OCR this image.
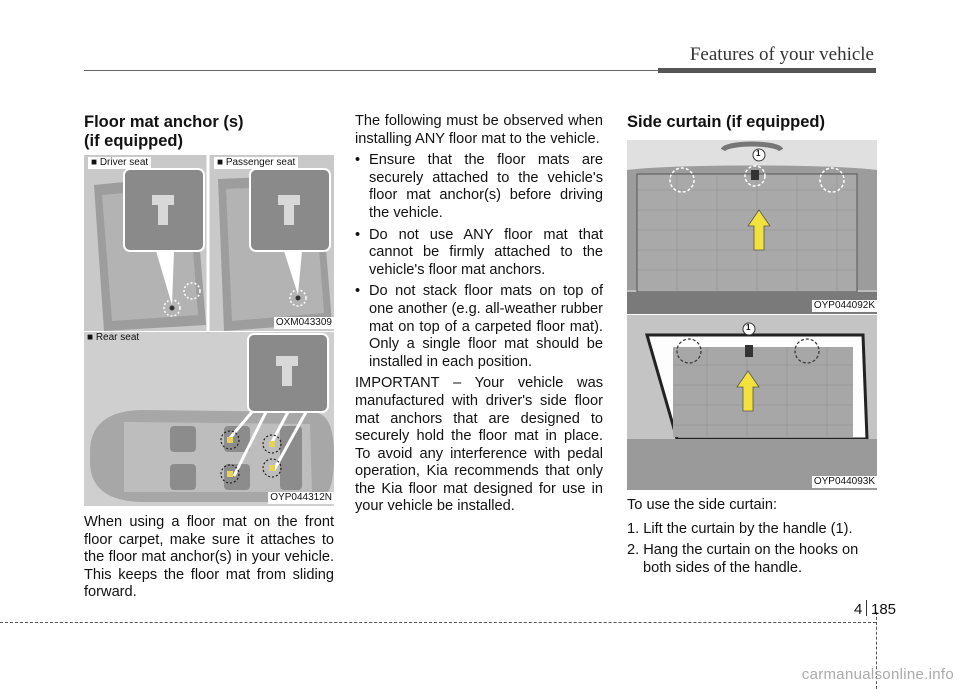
Features of your vehicle
Floor mat anchor (s)
(if equipped)
■ Driver seat	■ Passenger seat
OXM043309
■ Rear seat
OYP044312N

When using a floor mat on the front floor carpet, make sure it attaches to the floor mat anchor(s) in your vehicle. This keeps the floor mat from sliding forward.

The following must be observed when installing ANY floor mat to the vehicle.

• Ensure that the floor mats are securely attached to the vehicle's floor mat anchor(s) before driving the vehicle.
• Do not use ANY floor mat that cannot be firmly attached to the vehicle's floor mat anchors.
• Do not stack floor mats on top of one another (e.g. all-weather rubber mat on top of a carpeted floor mat). Only a single floor mat should be installed in each position.

IMPORTANT – Your vehicle was manufactured with driver's side floor mat anchors that are designed to securely hold the floor mat in place. To avoid any interference with pedal operation, Kia recommends that only the Kia floor mat designed for use in your vehicle be installed.

Side curtain (if equipped)
1
OYP044092K
1
OYP044093K

To use the side curtain:

1. Lift the curtain by the handle (1).
2. Hang the curtain on the hooks on both sides of the handle.
4 185
carmanualsonline.info
